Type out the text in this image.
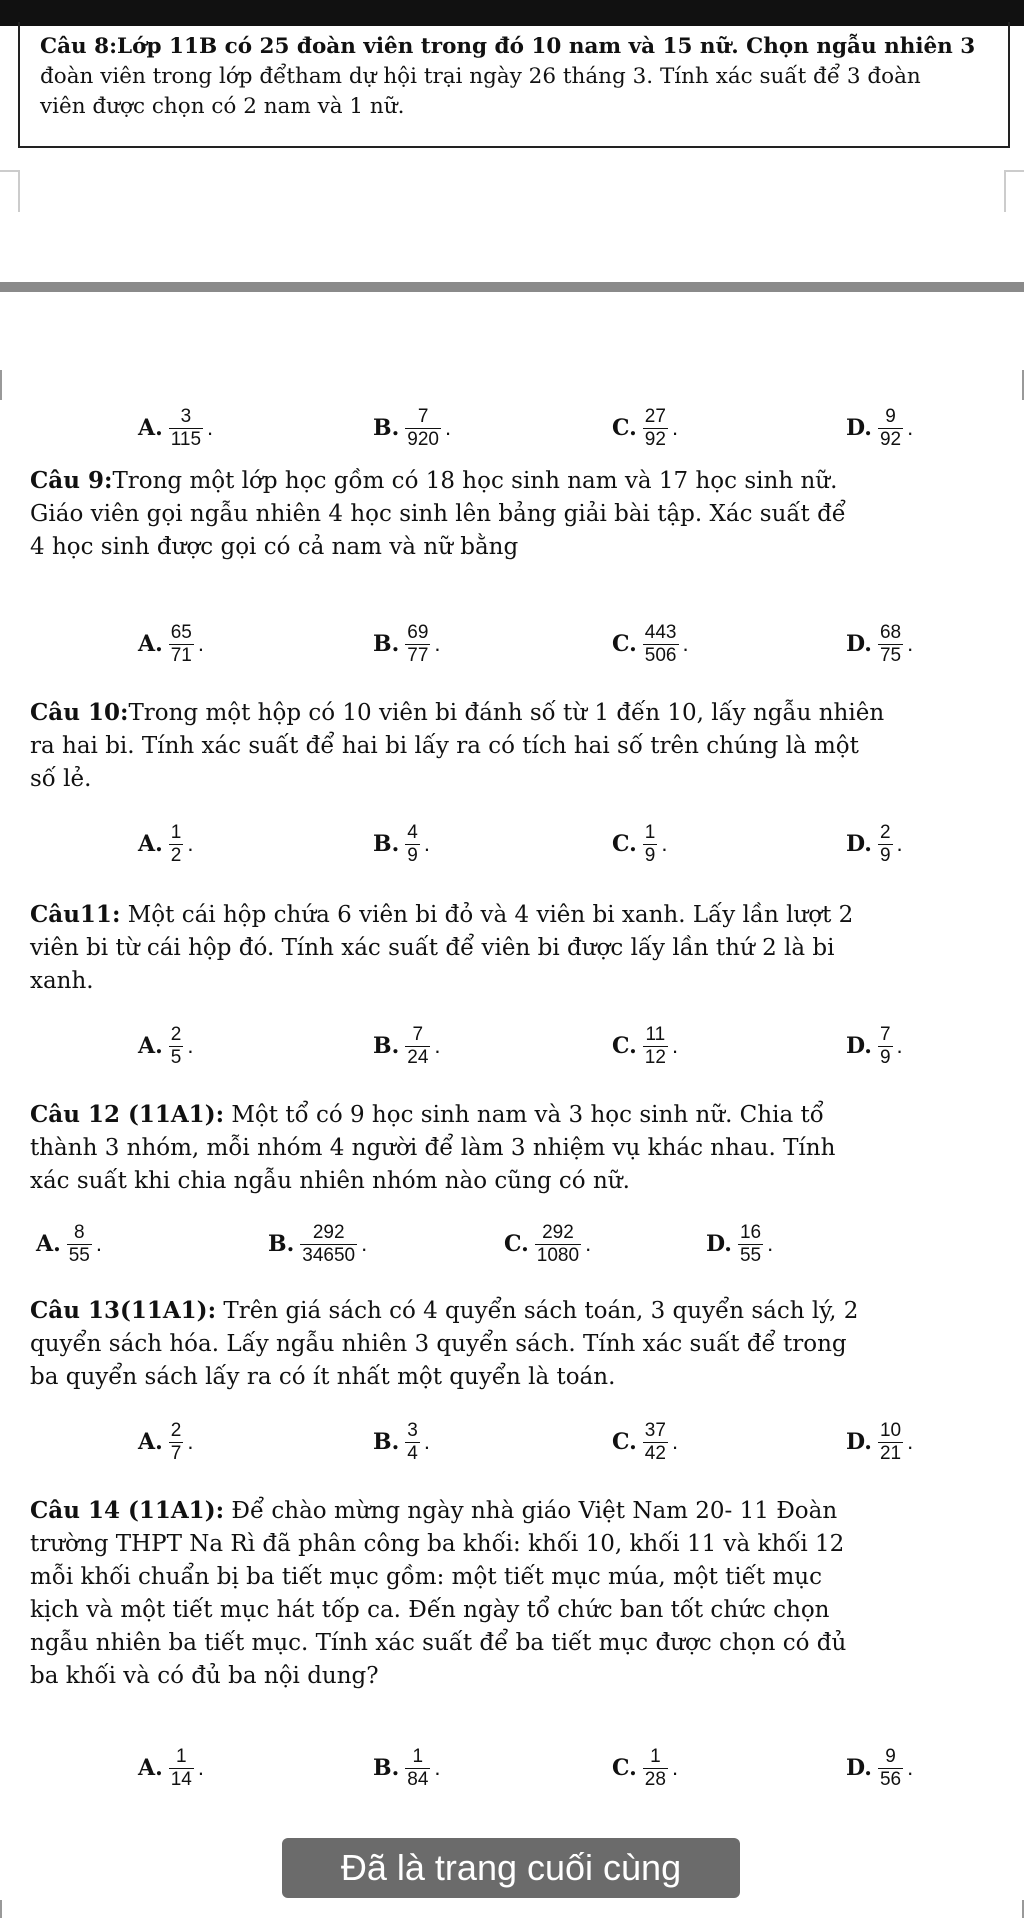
Câu 8:Lớp 11B có 25 đoàn viên trong đó 10 nam và 15 nữ. Chọn ngẫu nhiên 3
đoàn viên trong lớp đểtham dự hội trại ngày 26 tháng 3. Tính xác suất để 3 đoàn
viên được chọn có 2 nam và 1 nữ.
A. $\frac{3}{115}$ .	B. $\frac{7}{920}$ .	C. $\frac{27}{92}$ .	D. $\frac{9}{92}$ .
Câu 9:Trong một lớp học gồm có 18 học sinh nam và 17 học sinh nữ.
Giáo viên gọi ngẫu nhiên 4 học sinh lên bảng giải bài tập. Xác suất để
4 học sinh được gọi có cả nam và nữ bằng
A. $\frac{65}{71}$ .	B. $\frac{69}{77}$ .	C. $\frac{443}{506}$ .	D. $\frac{68}{75}$ .
Câu 10:Trong một hộp có 10 viên bi đánh số từ 1 đến 10, lấy ngẫu nhiên
ra hai bi. Tính xác suất để hai bi lấy ra có tích hai số trên chúng là một
số lẻ.
A. $\frac{1}{2}$ .	B. $\frac{4}{9}$ .	C. $\frac{1}{9}$ .	D. $\frac{2}{9}$ .
Câu11: Một cái hộp chứa 6 viên bi đỏ và 4 viên bi xanh. Lấy lần lượt 2
viên bi từ cái hộp đó. Tính xác suất để viên bi được lấy lần thứ 2 là bi
xanh.
A. $\frac{2}{5}$ .	B. $\frac{7}{24}$ .	C. $\frac{11}{12}$ .	D. $\frac{7}{9}$ .
Câu 12 (11A1): Một tổ có 9 học sinh nam và 3 học sinh nữ. Chia tổ
thành 3 nhóm, mỗi nhóm 4 người để làm 3 nhiệm vụ khác nhau. Tính
xác suất khi chia ngẫu nhiên nhóm nào cũng có nữ.
A. $\frac{8}{55}$ .	B. $\frac{292}{34650}$ .	C. $\frac{292}{1080}$ .	D. $\frac{16}{55}$ .
Câu 13(11A1): Trên giá sách có 4 quyển sách toán, 3 quyển sách lý, 2
quyển sách hóa. Lấy ngẫu nhiên 3 quyển sách. Tính xác suất để trong
ba quyển sách lấy ra có ít nhất một quyển là toán.
A. $\frac{2}{7}$ .	B. $\frac{3}{4}$ .	C. $\frac{37}{42}$ .	D. $\frac{10}{21}$ .
Câu 14 (11A1): Để chào mừng ngày nhà giáo Việt Nam 20- 11 Đoàn
trường THPT Na Rì đã phân công ba khối: khối 10, khối 11 và khối 12
mỗi khối chuẩn bị ba tiết mục gồm: một tiết mục múa, một tiết mục
kịch và một tiết mục hát tốp ca. Đến ngày tổ chức ban tốt chức chọn
ngẫu nhiên ba tiết mục. Tính xác suất để ba tiết mục được chọn có đủ
ba khối và có đủ ba nội dung?
A. $\frac{1}{14}$ .	B. $\frac{1}{84}$ .	C. $\frac{1}{28}$ .	D. $\frac{9}{56}$ .
Đã là trang cuối cùng
